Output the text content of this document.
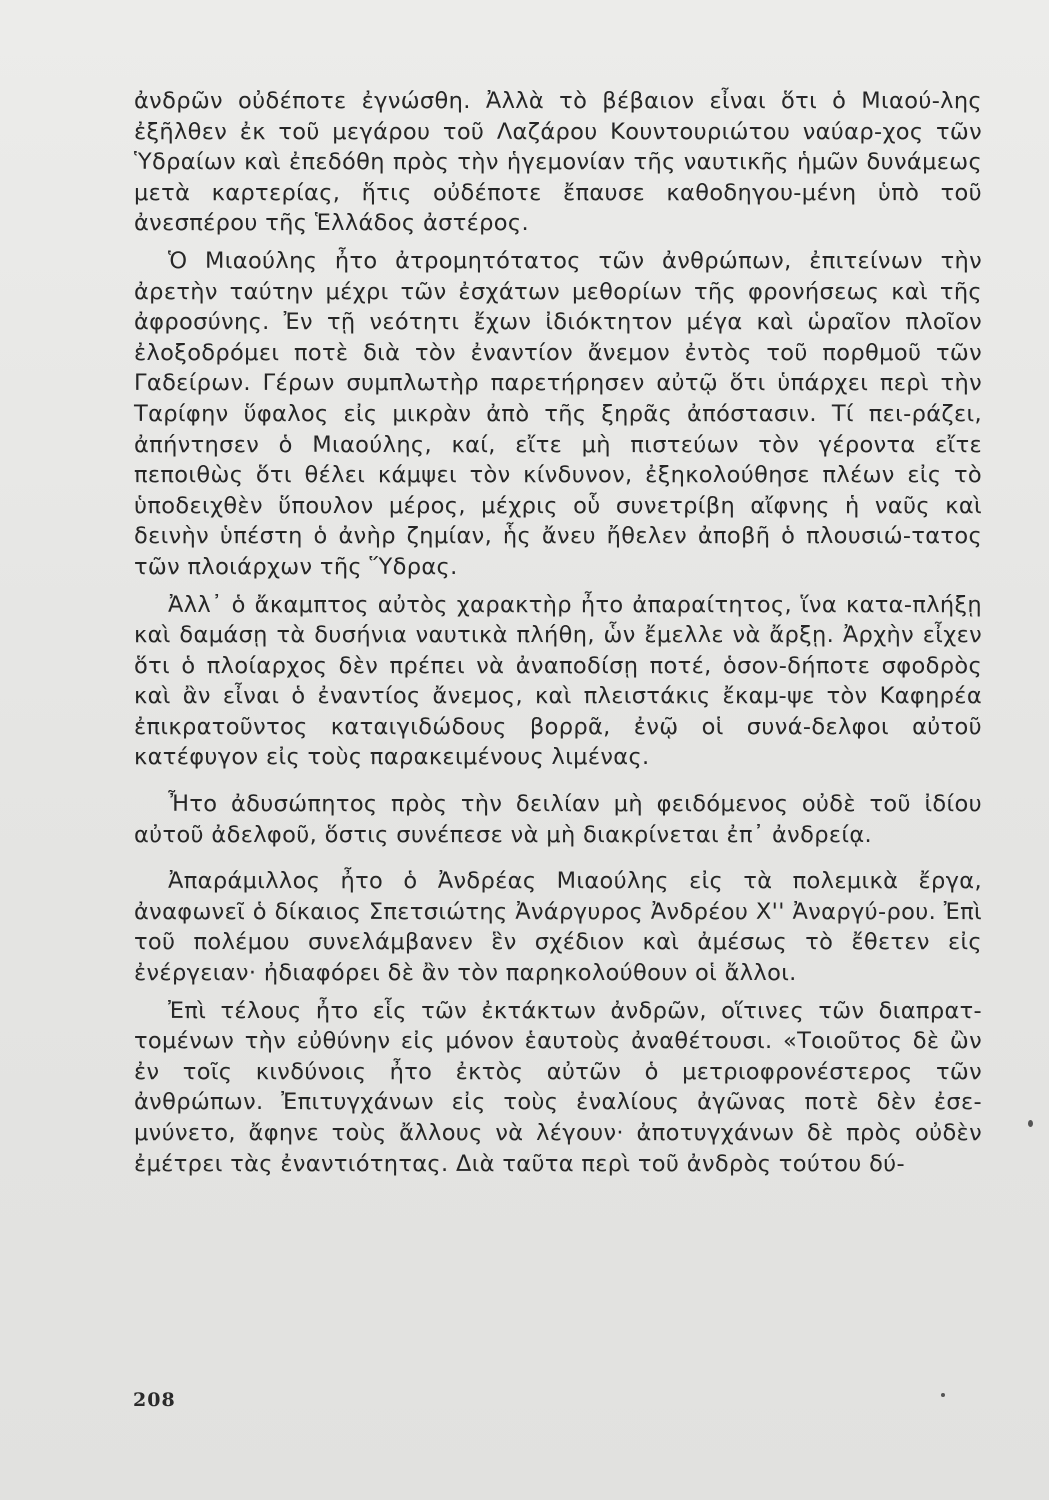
ἀνδρῶν οὐδέποτε ἐγνώσθη. Ἀλλὰ τὸ βέβαιον εἶναι ὅτι ὁ Μιαού-λης ἐξῆλθεν ἐκ τοῦ μεγάρου τοῦ Λαζάρου Κουντουριώτου ναύαρ-χος τῶν Ὑδραίων καὶ ἐπεδόθη πρὸς τὴν ἡγεμονίαν τῆς ναυτικῆς ἡμῶν δυνάμεως μετὰ καρτερίας, ἥτις οὐδέποτε ἔπαυσε καθοδηγου-μένη ὑπὸ τοῦ ἀνεσπέρου τῆς Ἑλλάδος ἀστέρος.

Ὁ Μιαούλης ἦτο ἀτρομητότατος τῶν ἀνθρώπων, ἐπιτείνων τὴν ἀρετὴν ταύτην μέχρι τῶν ἐσχάτων μεθορίων τῆς φρονήσεως καὶ τῆς ἀφροσύνης. Ἐν τῇ νεότητι ἔχων ἰδιόκτητον μέγα καὶ ὡραῖον πλοῖον ἐλοξοδρόμει ποτὲ διὰ τὸν ἐναντίον ἄνεμον ἐντὸς τοῦ πορθμοῦ τῶν Γαδείρων. Γέρων συμπλωτὴρ παρετήρησεν αὐτῷ ὅτι ὑπάρχει περὶ τὴν Ταρίφην ὕφαλος εἰς μικρὰν ἀπὸ τῆς ξηρᾶς ἀπόστασιν. Τί πει-ράζει, ἀπήντησεν ὁ Μιαούλης, καί, εἴτε μὴ πιστεύων τὸν γέροντα εἴτε πεποιθὼς ὅτι θέλει κάμψει τὸν κίνδυνον, ἐξηκολούθησε πλέων εἰς τὸ ὑποδειχθὲν ὕπουλον μέρος, μέχρις οὗ συνετρίβη αἴφνης ἡ ναῦς καὶ δεινὴν ὑπέστη ὁ ἀνὴρ ζημίαν, ἧς ἄνευ ἤθελεν ἀποβῆ ὁ πλουσιώ-τατος τῶν πλοιάρχων τῆς Ὕδρας.

Ἀλλ᾽ ὁ ἄκαμπτος αὐτὸς χαρακτὴρ ἦτο ἀπαραίτητος, ἵνα κατα-πλήξῃ καὶ δαμάσῃ τὰ δυσήνια ναυτικὰ πλήθη, ὧν ἔμελλε νὰ ἄρξῃ. Ἀρχὴν εἶχεν ὅτι ὁ πλοίαρχος δὲν πρέπει νὰ ἀναποδίσῃ ποτέ, ὁσον-δήποτε σφοδρὸς καὶ ἂν εἶναι ὁ ἐναντίος ἄνεμος, καὶ πλειστάκις ἔκαμ-ψε τὸν Καφηρέα ἐπικρατοῦντος καταιγιδώδους βορρᾶ, ἐνῷ οἱ συνά-δελφοι αὐτοῦ κατέφυγον εἰς τοὺς παρακειμένους λιμένας.

Ἦτο ἀδυσώπητος πρὸς τὴν δειλίαν μὴ φειδόμενος οὐδὲ τοῦ ἰδίου αὐτοῦ ἀδελφοῦ, ὅστις συνέπεσε νὰ μὴ διακρίνεται ἐπ᾽ ἀνδρείᾳ.

Ἀπαράμιλλος ἦτο ὁ Ἀνδρέας Μιαούλης εἰς τὰ πολεμικὰ ἔργα, ἀναφωνεῖ ὁ δίκαιος Σπετσιώτης Ἀνάργυρος Ἀνδρέου Χ'' Ἀναργύ-ρου. Ἐπὶ τοῦ πολέμου συνελάμβανεν ἓν σχέδιον καὶ ἀμέσως τὸ ἔθετεν εἰς ἐνέργειαν· ἠδιαφόρει δὲ ἂν τὸν παρηκολούθουν οἱ ἄλλοι.

Ἐπὶ τέλους ἦτο εἷς τῶν ἐκτάκτων ἀνδρῶν, οἵτινες τῶν διαπρατ-τομένων τὴν εὐθύνην εἰς μόνον ἑαυτοὺς ἀναθέτουσι. «Τοιοῦτος δὲ ὢν ἐν τοῖς κινδύνοις ἦτο ἐκτὸς αὐτῶν ὁ μετριοφρονέστερος τῶν ἀνθρώπων. Ἐπιτυγχάνων εἰς τοὺς ἐναλίους ἀγῶνας ποτὲ δὲν ἐσε-μνύνετο, ἄφηνε τοὺς ἄλλους νὰ λέγουν· ἀποτυγχάνων δὲ πρὸς οὐδὲν ἐμέτρει τὰς ἐναντιότητας. Διὰ ταῦτα περὶ τοῦ ἀνδρὸς τούτου δύ-

208
